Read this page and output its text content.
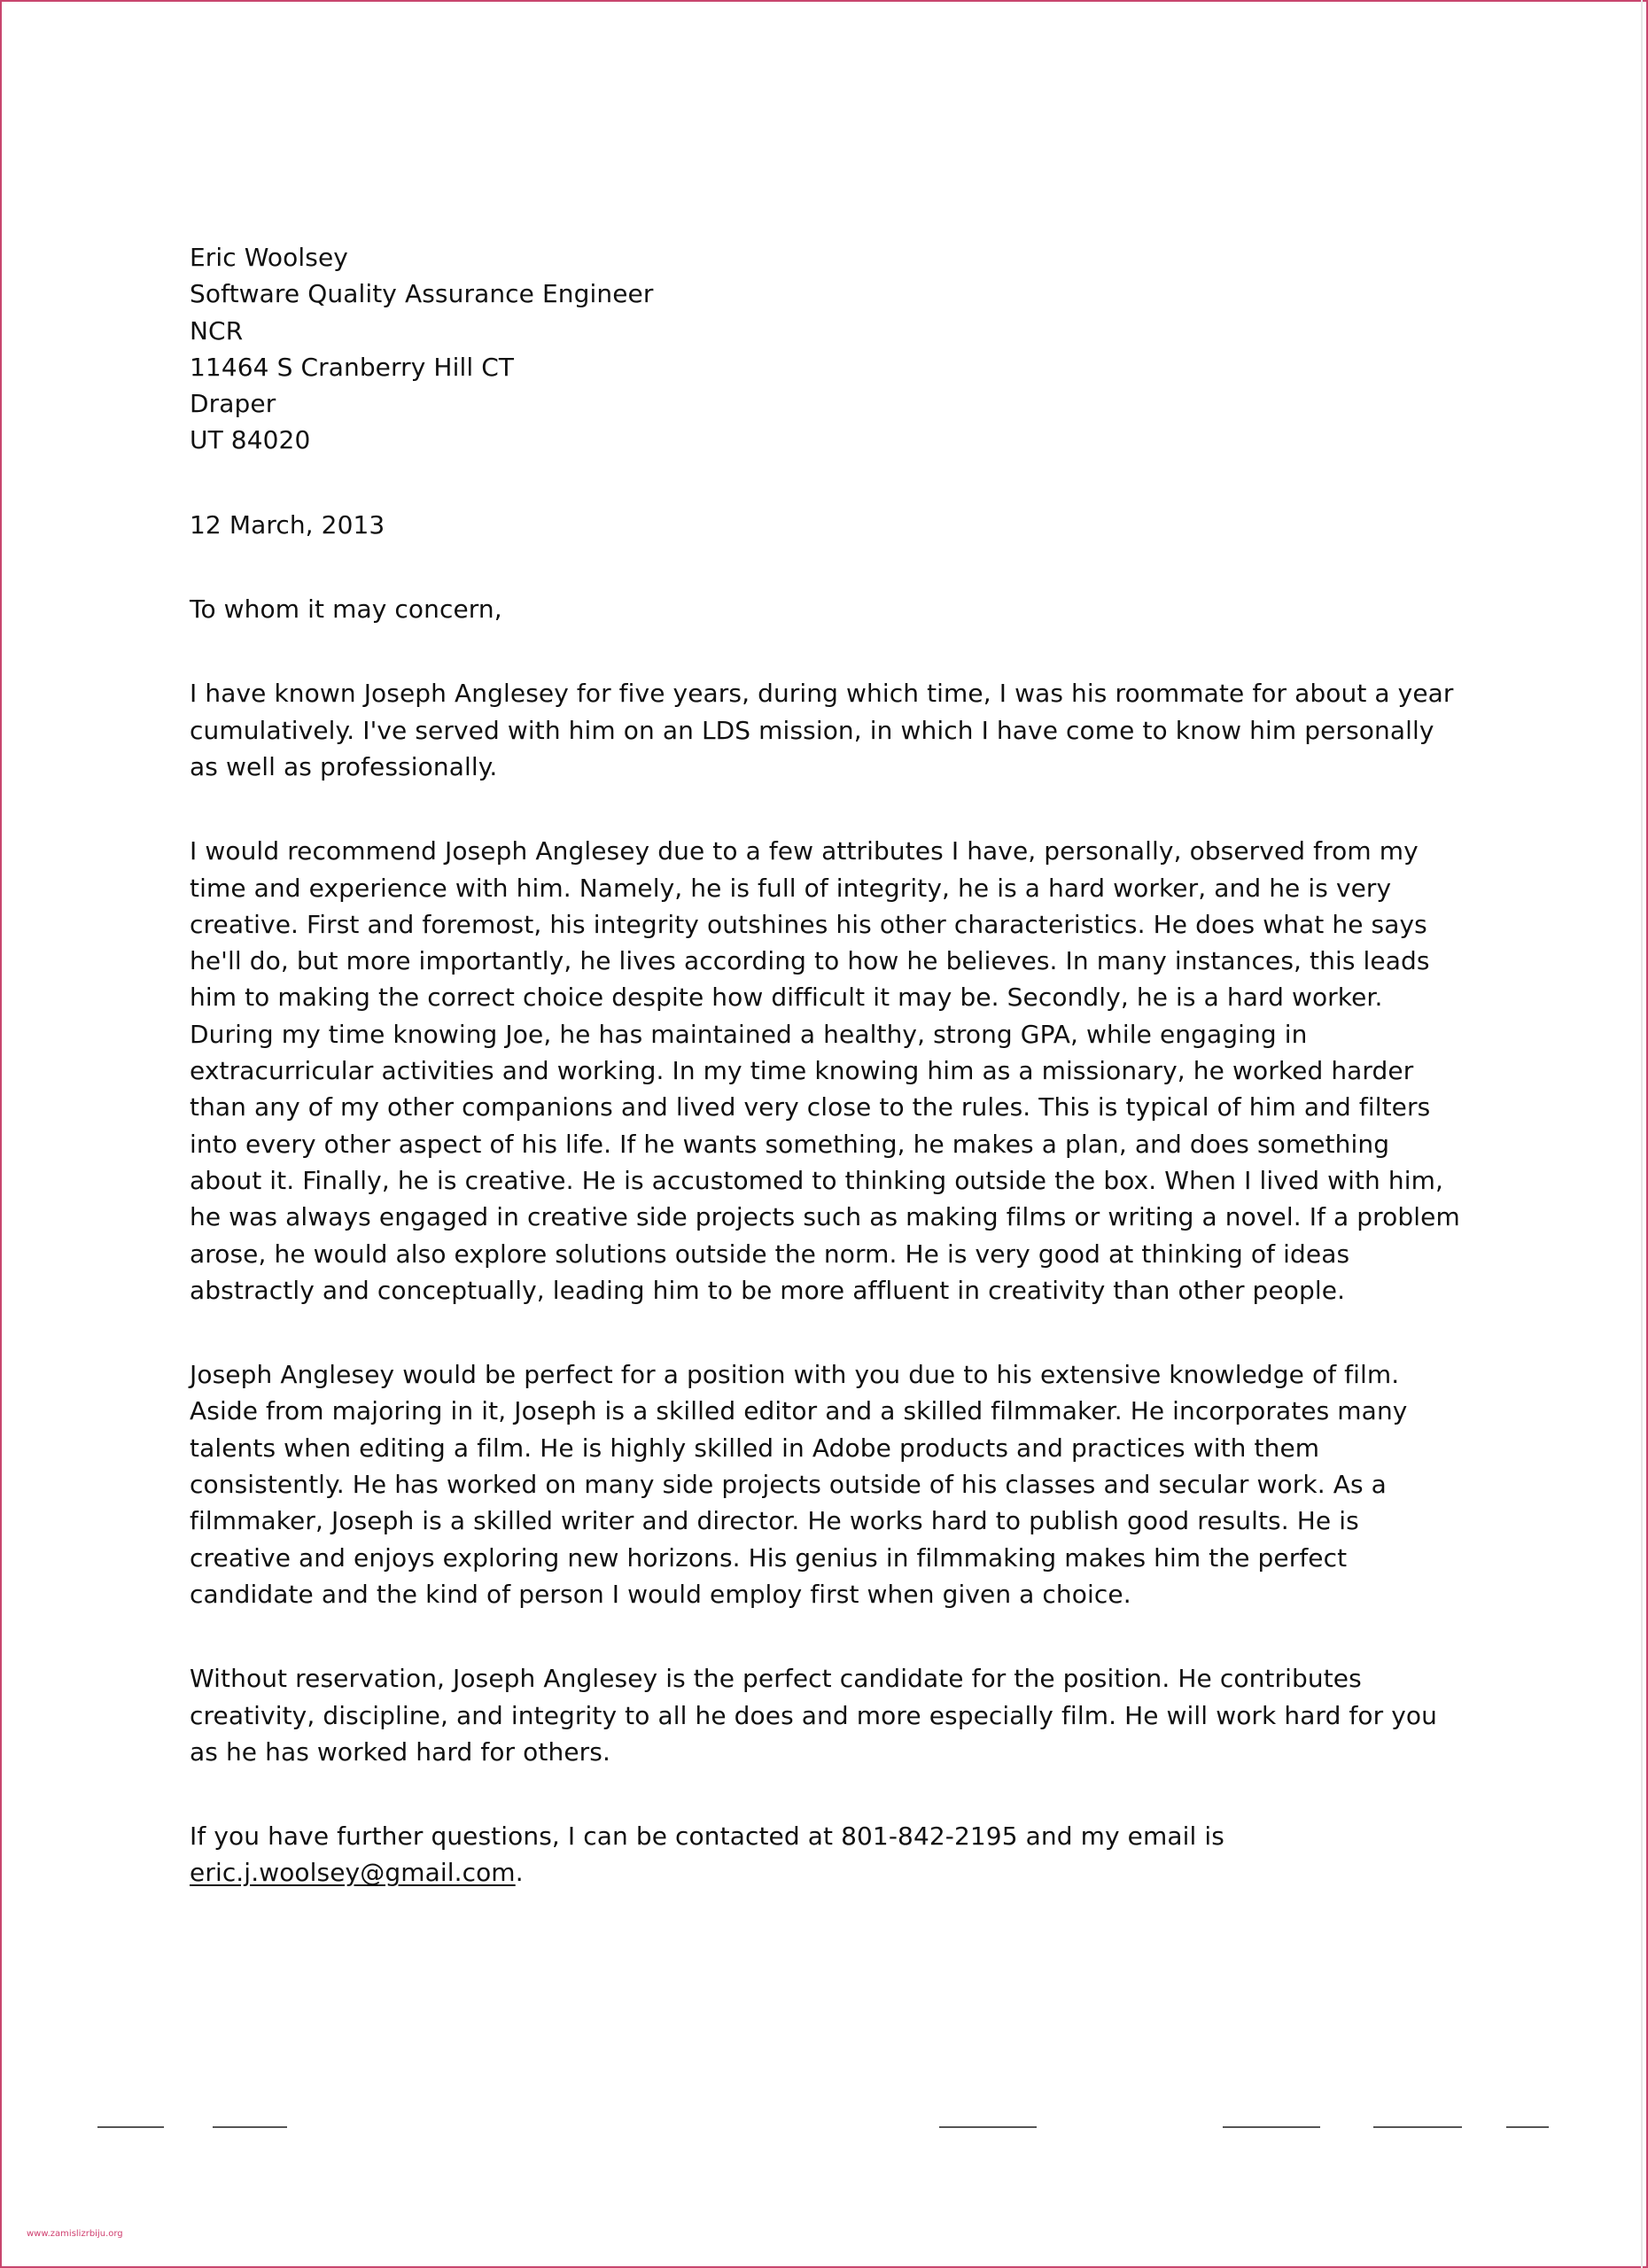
Eric Woolsey
Software Quality Assurance Engineer
NCR
11464 S Cranberry Hill CT
Draper
UT 84020
12 March, 2013
To whom it may concern,
I have known Joseph Anglesey for five years, during which time, I was his roommate for about a year
cumulatively. I've served with him on an LDS mission, in which I have come to know him personally
as well as professionally.
I would recommend Joseph Anglesey due to a few attributes I have, personally, observed from my
time and experience with him. Namely, he is full of integrity, he is a hard worker, and he is very
creative. First and foremost, his integrity outshines his other characteristics. He does what he says
he'll do, but more importantly, he lives according to how he believes. In many instances, this leads
him to making the correct choice despite how difficult it may be. Secondly, he is a hard worker.
During my time knowing Joe, he has maintained a healthy, strong GPA, while engaging in
extracurricular activities and working. In my time knowing him as a missionary, he worked harder
than any of my other companions and lived very close to the rules. This is typical of him and filters
into every other aspect of his life. If he wants something, he makes a plan, and does something
about it. Finally, he is creative. He is accustomed to thinking outside the box. When I lived with him,
he was always engaged in creative side projects such as making films or writing a novel. If a problem
arose, he would also explore solutions outside the norm. He is very good at thinking of ideas
abstractly and conceptually, leading him to be more affluent in creativity than other people.
Joseph Anglesey would be perfect for a position with you due to his extensive knowledge of film.
Aside from majoring in it, Joseph is a skilled editor and a skilled filmmaker. He incorporates many
talents when editing a film. He is highly skilled in Adobe products and practices with them
consistently. He has worked on many side projects outside of his classes and secular work. As a
filmmaker, Joseph is a skilled writer and director. He works hard to publish good results. He is
creative and enjoys exploring new horizons. His genius in filmmaking makes him the perfect
candidate and the kind of person I would employ first when given a choice.
Without reservation, Joseph Anglesey is the perfect candidate for the position. He contributes
creativity, discipline, and integrity to all he does and more especially film. He will work hard for you
as he has worked hard for others.
If you have further questions, I can be contacted at 801-842-2195 and my email is
eric.j.woolsey@gmail.com.
www.zamislizrbiju.org
